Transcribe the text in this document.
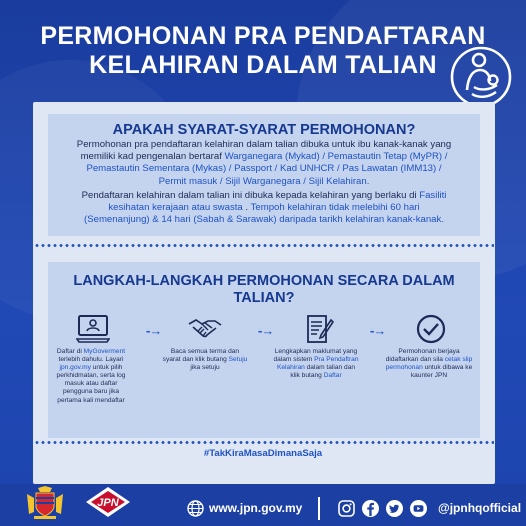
PERMOHONAN PRA PENDAFTARAN
KELAHIRAN DALAM TALIAN
APAKAH SYARAT-SYARAT PERMOHONAN?
Permohonan pra pendaftaran kelahiran dalam talian dibuka untuk ibu kanak-kanak yang
memiliki kad pengenalan bertaraf Warganegara (Mykad) / Pemastautin Tetap (MyPR) /
Pemastautin Sementara (Mykas) / Passport / Kad UNHCR / Pas Lawatan (IMM13) /
Permit masuk / Sijil Warganegara / Sijil Kelahiran.
Pendaftaran kelahiran dalam talian ini dibuka kepada kelahiran yang berlaku di Fasiliti
kesihatan kerajaan atau swasta . Tempoh kelahiran tidak melebihi 60 hari
(Semenanjung) & 14 hari (Sabah & Sarawak) daripada tarikh kelahiran kanak-kanak.
LANGKAH-LANGKAH PERMOHONAN SECARA DALAM
TALIAN?
-→	-→	-→
Daftar di MyGoverment terlebih dahulu. Layari jpn.gov.my untuk pilih perkhidmatan, serta log masuk atau daftar pengguna baru jika pertama kali mendaftar
Baca semua terma dan syarat dan klik butang Setuju jika setuju
Lengkapkan maklumat yang dalam sistem Pra Pendaftran Kelahiran dalam talian dan klik butang Daftar
Permohonan berjaya didaftarkan dan sila cetak slip permohonan untuk dibawa ke kaunter JPN
#TakKiraMasaDimanaSaja
JPN	www.jpn.gov.my	@jpnhqofficial
